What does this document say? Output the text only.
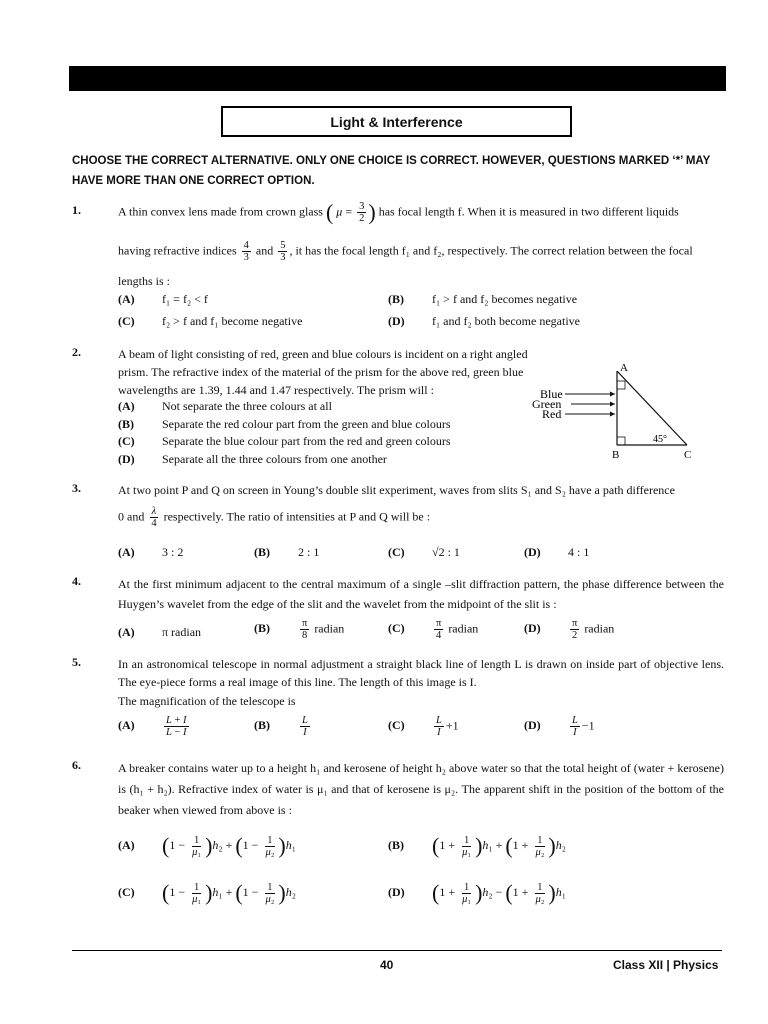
Light & Interference
CHOOSE THE CORRECT ALTERNATIVE. ONLY ONE CHOICE IS CORRECT. HOWEVER, QUESTIONS MARKED ‘*’ MAY HAVE MORE THAN ONE CORRECT OPTION.
1.	A thin convex lens made from crown glass ( $\mu = \frac{3}{2}$ ) has focal length f. When it is measured in two different liquids
having refractive indices $\frac{4}{3}$ and $\frac{5}{3}$ , it has the focal length f₁ and f₂, respectively. The correct relation between the focal
lengths is :
(A) f₁ = f₂ < f	(B) f₁ > f and f₂ becomes negative
(C) f₂ > f and f₁ become negative	(D) f₁ and f₂ both become negative
2.	A beam of light consisting of red, green and blue colours is incident on a right angled prism. The refractive index of the material of the prism for the above red, green blue wavelengths are 1.39, 1.44 and 1.47 respectively. The prism will :
(A) Not separate the three colours at all
(B) Separate the red colour part from the green and blue colours
(C) Separate the blue colour part from the red and green colours
(D) Separate all the three colours from one another
Blue
Green
Red
A
B	C
45°
3.	At two point P and Q on screen in Young’s double slit experiment, waves from slits S₁ and S₂ have a path difference
0 and $\frac{\lambda}{4}$ respectively. The ratio of intensities at P and Q will be :
(A) 3 : 2	(B) 2 : 1	(C) √2 : 1	(D) 4 : 1
4.	At the first minimum adjacent to the central maximum of a single –slit diffraction pattern, the phase difference between the Huygen’s wavelet from the edge of the slit and the wavelet from the midpoint of the slit is :
(A) π radian	(B)	$\frac{\pi}{8}$ radian	(C)	$\frac{\pi}{4}$ radian	(D)	$\frac{\pi}{2}$ radian
5.	In an astronomical telescope in normal adjustment a straight black line of length L is drawn on inside part of objective lens. The eye-piece forms a real image of this line. The length of this image is I.
The magnification of the telescope is
(A)	$\frac{L + I}{L - I}$	(B)	$\frac{L}{I}$	(C)	$\frac{L}{I} +1$	(D)	$\frac{L}{I} -1$
6.	A breaker contains water up to a height h₁ and kerosene of height h₂ above water so that the total height of (water + kerosene) is (h₁ + h₂). Refractive index of water is μ₁ and that of kerosene is μ₂. The apparent shift in the position of the bottom of the beaker when viewed from above is :
(A) $(1 - \frac{1}{\text{μ₁}} )h_2 + (1 - \frac{1}{\text{μ₂}} )h_1$	(B) $(1 + \frac{1}{\text{μ₁}} )h_1 + (1 + \frac{1}{\text{μ₂}} )h_2$
(C) $(1 - \frac{1}{\text{μ₁}} )h_1 + (1 - \frac{1}{\text{μ₂}} )h_2$	(D) $(1 + \frac{1}{\text{μ₁}} )h_2 - (1 + \frac{1}{\text{μ₂}} )h_1$
40	Class XII | Physics
